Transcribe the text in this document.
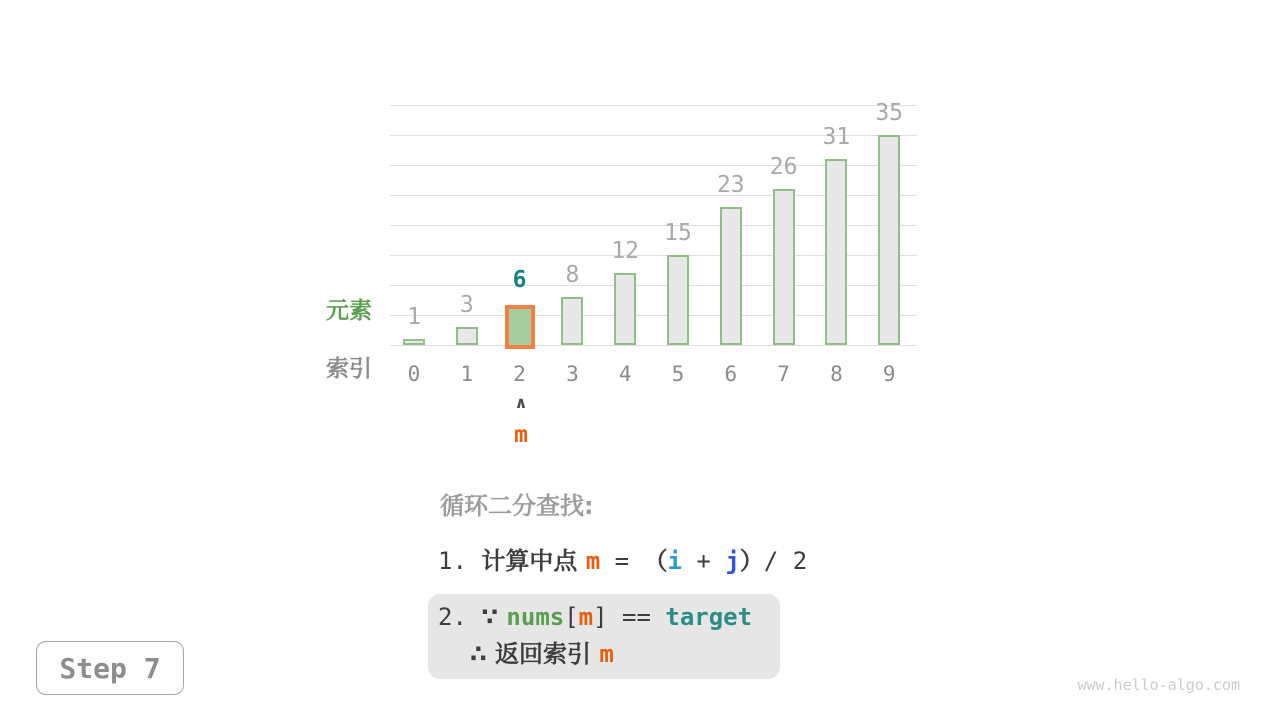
1
0
3
1
6
2
8
3
12
4
15
5
23
6
26
7
31
8
35
9
元素
索引
∧
m
循环二分查找:
1. 计算中点 m = （i + j）/ 2
2. ∵ nums[m] == target
∴ 返回索引 m
Step 7
www.hello-algo.com
